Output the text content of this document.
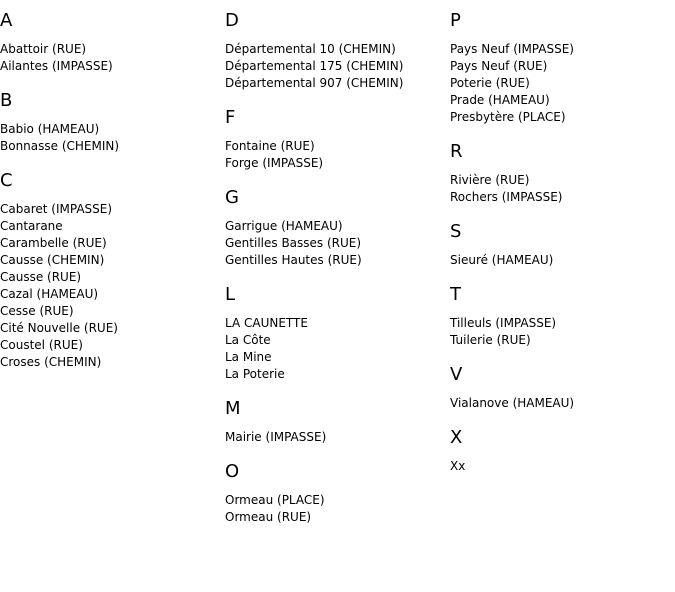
A
Abattoir (RUE)
Ailantes (IMPASSE)
B
Babio (HAMEAU)
Bonnasse (CHEMIN)
C
Cabaret (IMPASSE)
Cantarane
Carambelle (RUE)
Causse (CHEMIN)
Causse (RUE)
Cazal (HAMEAU)
Cesse (RUE)
Cité Nouvelle (RUE)
Coustel (RUE)
Croses (CHEMIN)
D
Départemental 10 (CHEMIN)
Départemental 175 (CHEMIN)
Départemental 907 (CHEMIN)
F
Fontaine (RUE)
Forge (IMPASSE)
G
Garrigue (HAMEAU)
Gentilles Basses (RUE)
Gentilles Hautes (RUE)
L
LA CAUNETTE
La Côte
La Mine
La Poterie
M
Mairie (IMPASSE)
O
Ormeau (PLACE)
Ormeau (RUE)
P
Pays Neuf (IMPASSE)
Pays Neuf (RUE)
Poterie (RUE)
Prade (HAMEAU)
Presbytère (PLACE)
R
Rivière (RUE)
Rochers (IMPASSE)
S
Sieuré (HAMEAU)
T
Tilleuls (IMPASSE)
Tuilerie (RUE)
V
Vialanove (HAMEAU)
X
Xx
